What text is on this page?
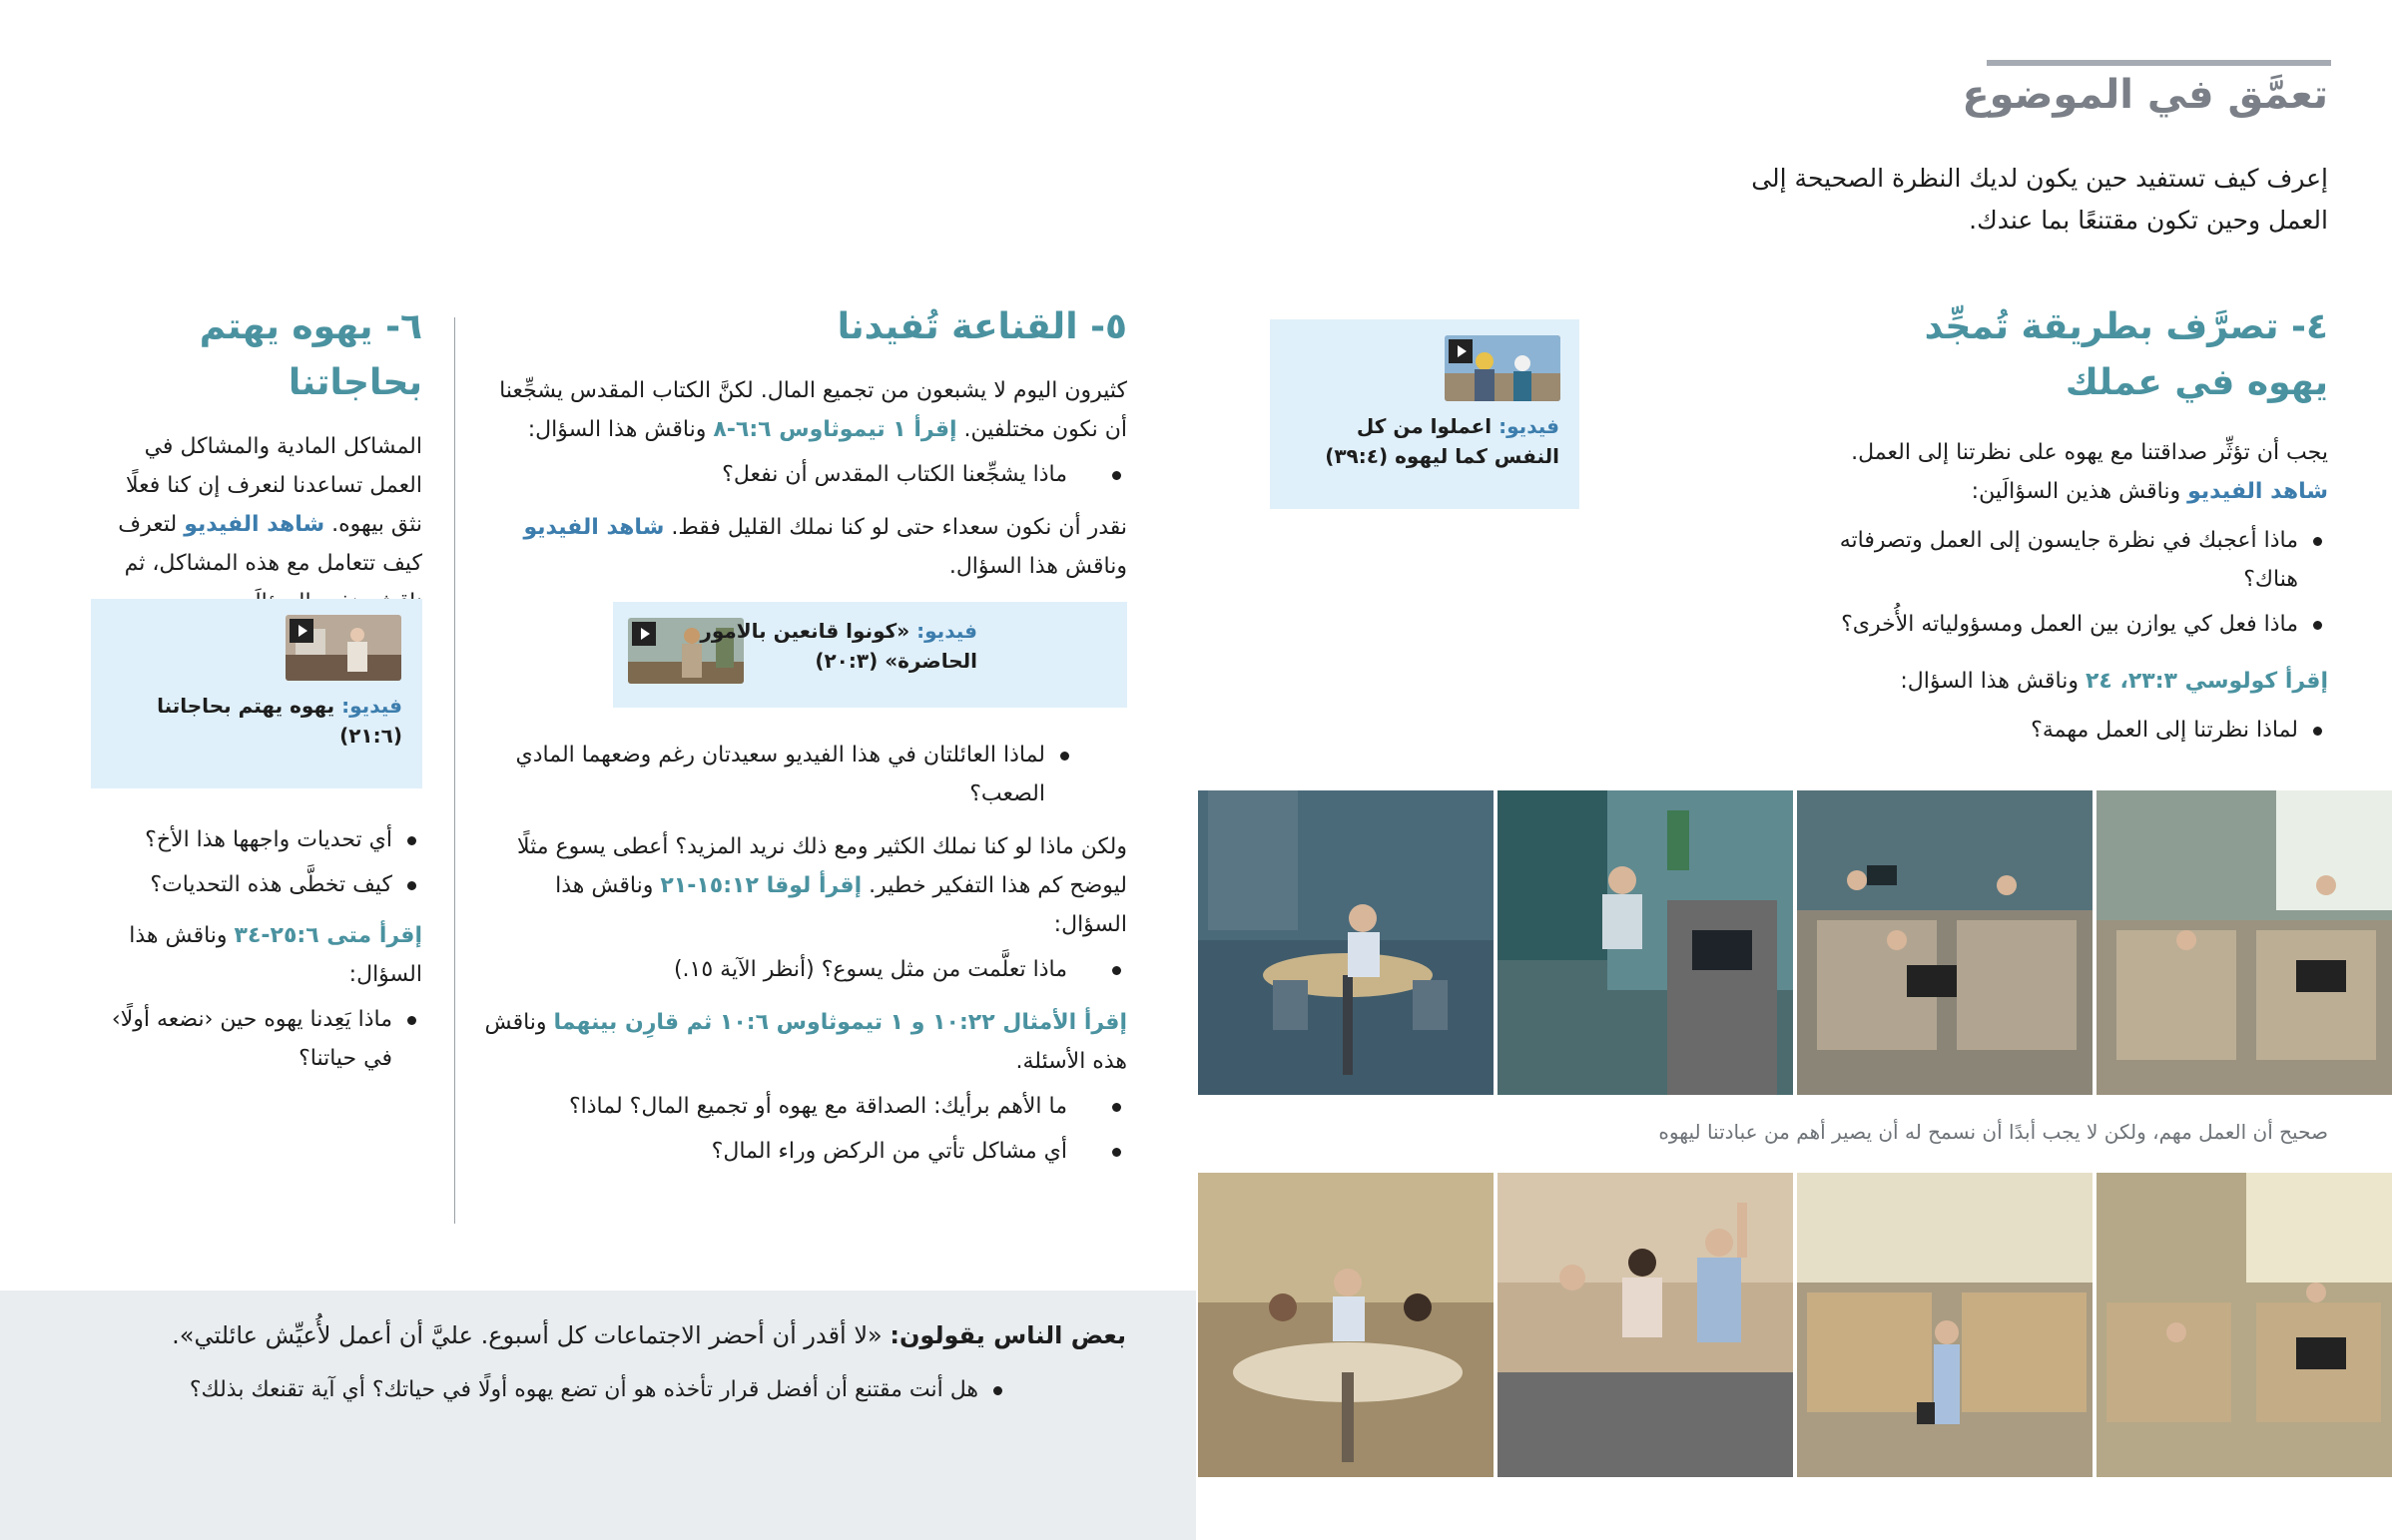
تعمَّق في الموضوع
إعرف كيف تستفيد حين يكون لديك النظرة الصحيحة إلى العمل وحين تكون مقتنعًا بما عندك.
٤- تصرَّف بطريقة تُمجِّد
يهوه في عملك
يجب أن تؤثِّر صداقتنا مع يهوه على نظرتنا إلى العمل.
شاهد الفيديو وناقش هذين السؤالَين:
ماذا أعجبك في نظرة جايسون إلى العمل وتصرفاته هناك؟
ماذا فعل كي يوازن بين العمل ومسؤولياته الأُخرى؟
إقرأ كولوسي ٣:‏٢٣، ٢٤ وناقش هذا السؤال:
لماذا نظرتنا إلى العمل مهمة؟
فيديو: اعملوا من كل النفس كما ليهوه (٤:‏٣٩)
٥- القناعة تُفيدنا
كثيرون اليوم لا يشبعون من تجميع المال. لكنَّ الكتاب المقدس يشجِّعنا أن نكون مختلفين. إقرأ ١ تيموثاوس ٦:‏٦-٨ وناقش هذا السؤال:
ماذا يشجِّعنا الكتاب المقدس أن نفعل؟
نقدر أن نكون سعداء حتى لو كنا نملك القليل فقط. شاهد الفيديو
وناقش هذا السؤال.
فيديو: «كونوا قانعين بالامور الحاضرة» (٣:‏٢٠)
لماذا العائلتان في هذا الفيديو سعيدتان رغم وضعهما المادي الصعب؟
ولكن ماذا لو كنا نملك الكثير ومع ذلك نريد المزيد؟ أعطى يسوع مثلًا ليوضح كم هذا التفكير خطير. إقرأ لوقا ١٢:‏١٥-٢١ وناقش هذا السؤال:
ماذا تعلَّمت من مثل يسوع؟ (أنظر الآية ١٥.)
إقرأ الأمثال ٢٢:‏١٠ و ١ تيموثاوس ٦:‏١٠ ثم قارِن بينهما وناقش هذه الأسئلة.
ما الأهم برأيك: الصداقة مع يهوه أو تجميع المال؟ لماذا؟
أي مشاكل تأتي من الركض وراء المال؟
٦- يهوه يهتم بحاجاتنا
المشاكل المادية والمشاكل في العمل تساعدنا لنعرف إن كنا فعلًا نثق بيهوه. شاهد الفيديو لتعرف كيف تتعامل مع هذه المشاكل، ثم
فيديو: يهوه يهتم بحاجاتنا
(٦:‏٢١)
أي تحديات واجهها هذا الأخ؟
كيف تخطَّى هذه التحديات؟
إقرأ متى ٦:‏٢٥-٣٤ وناقش هذا السؤال:
ماذا يَعِدنا يهوه حين ‹نضعه أولًا› في حياتنا؟
صحيح أن العمل مهم، ولكن لا يجب أبدًا أن نسمح له أن يصير أهم من عبادتنا ليهوه
بعض الناس يقولون: «لا أقدر أن أحضر الاجتماعات كل أسبوع. عليَّ أن أعمل لأُعيِّش عائلتي».
هل أنت مقتنع أن أفضل قرار تأخذه هو أن تضع يهوه أولًا في حياتك؟ أي آية تقنعك بذلك؟
